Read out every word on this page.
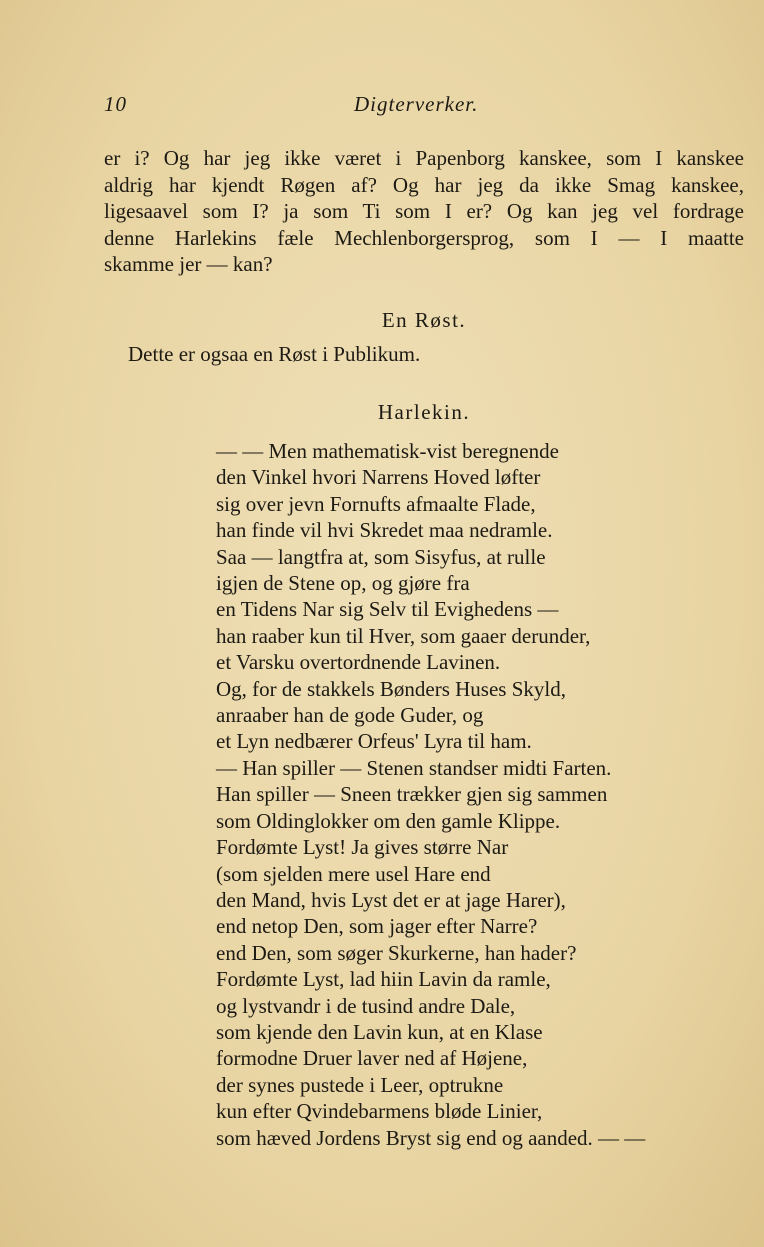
10	Digterverker.
er i? Og har jeg ikke været i Papenborg kanskee, som I kanskee
aldrig har kjendt Røgen af? Og har jeg da ikke Smag kanskee,
ligesaavel som I? ja som Ti som I er? Og kan jeg vel fordrage
denne Harlekins fæle Mechlenborgersprog, som I — I maatte
skamme jer — kan?
En Røst.
Dette er ogsaa en Røst i Publikum.
Harlekin.
— — Men mathematisk-vist beregnende
den Vinkel hvori Narrens Hoved løfter
sig over jevn Fornufts afmaalte Flade,
han finde vil hvi Skredet maa nedramle.
Saa — langtfra at, som Sisyfus, at rulle
igjen de Stene op, og gjøre fra
en Tidens Nar sig Selv til Evighedens —
han raaber kun til Hver, som gaaer derunder,
et Varsku overtordnende Lavinen.
Og, for de stakkels Bønders Huses Skyld,
anraaber han de gode Guder, og
et Lyn nedbærer Orfeus' Lyra til ham.
— Han spiller — Stenen standser midti Farten.
Han spiller — Sneen trækker gjen sig sammen
som Oldinglokker om den gamle Klippe.
Fordømte Lyst! Ja gives større Nar
(som sjelden mere usel Hare end
den Mand, hvis Lyst det er at jage Harer),
end netop Den, som jager efter Narre?
end Den, som søger Skurkerne, han hader?
Fordømte Lyst, lad hiin Lavin da ramle,
og lystvandr i de tusind andre Dale,
som kjende den Lavin kun, at en Klase
formodne Druer laver ned af Højene,
der synes pustede i Leer, optrukne
kun efter Qvindebarmens bløde Linier,
som hæved Jordens Bryst sig end og aanded. — —
